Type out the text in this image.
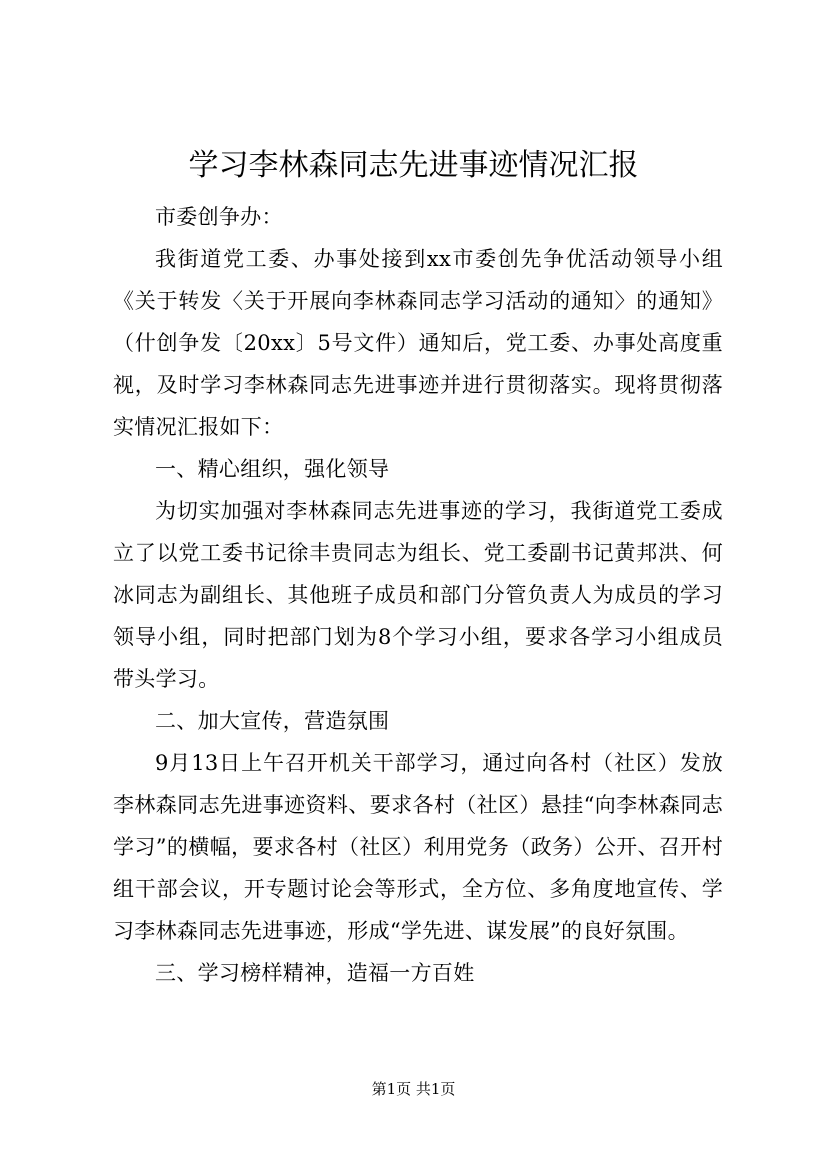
学习李林森同志先进事迹情况汇报

市委创争办：

我街道党工委、办事处接到xx市委创先争优活动领导小组《关于转发〈关于开展向李林森同志学习活动的通知〉的通知》（什创争发〔20xx〕5号文件）通知后，党工委、办事处高度重视，及时学习李林森同志先进事迹并进行贯彻落实。现将贯彻落实情况汇报如下：

一、精心组织，强化领导

为切实加强对李林森同志先进事迹的学习，我街道党工委成立了以党工委书记徐丰贵同志为组长、党工委副书记黄邦洪、何冰同志为副组长、其他班子成员和部门分管负责人为成员的学习领导小组，同时把部门划为8个学习小组，要求各学习小组成员带头学习。

二、加大宣传，营造氛围

9月13日上午召开机关干部学习，通过向各村（社区）发放李林森同志先进事迹资料、要求各村（社区）悬挂“向李林森同志学习”的横幅，要求各村（社区）利用党务（政务）公开、召开村组干部会议，开专题讨论会等形式，全方位、多角度地宣传、学习李林森同志先进事迹，形成“学先进、谋发展”的良好氛围。

三、学习榜样精神，造福一方百姓

第1页 共1页
